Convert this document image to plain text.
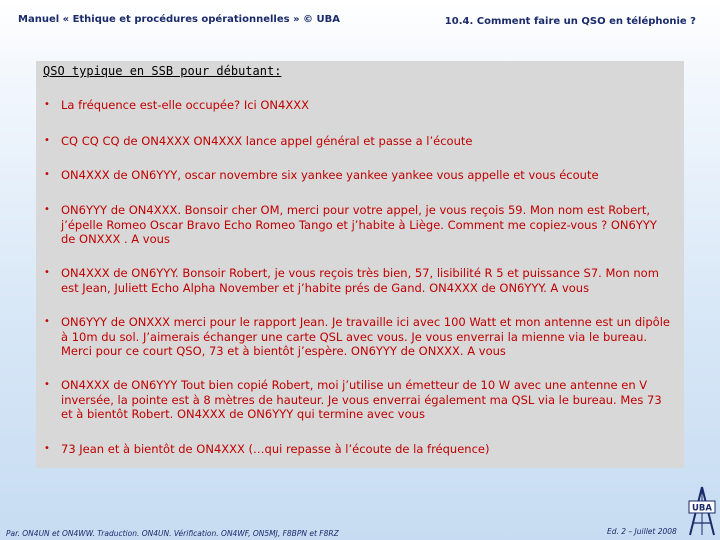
Manuel « Ethique et procédures opérationnelles » © UBA	10.4. Comment faire un QSO en téléphonie ?
QSO typique en SSB pour débutant:
• La fréquence est-elle occupée? Ici ON4XXX
• CQ CQ CQ de ON4XXX ON4XXX lance appel général et passe a l’écoute
• ON4XXX de ON6YYY, oscar novembre six yankee yankee yankee vous appelle et vous écoute
• ON6YYY de ON4XXX. Bonsoir cher OM, merci pour votre appel, je vous reçois 59. Mon nom est Robert, j’épelle Romeo Oscar Bravo Echo Romeo Tango et j’habite à Liège. Comment me copiez-vous ? ON6YYY de ONXXX . A vous
• ON4XXX de ON6YYY. Bonsoir Robert, je vous reçois très bien, 57, lisibilité R 5 et puissance S7. Mon nom est Jean, Juliett Echo Alpha November et j’habite prés de Gand. ON4XXX de ON6YYY. A vous
• ON6YYY de ONXXX merci pour le rapport Jean. Je travaille ici avec 100 Watt et mon antenne est un dipôle à 10m du sol. J’aimerais échanger une carte QSL avec vous. Je vous enverrai la mienne via le bureau. Merci pour ce court QSO, 73 et à bientôt j’espère. ON6YYY de ONXXX. A vous
• ON4XXX de ON6YYY Tout bien copié Robert, moi j’utilise un émetteur de 10 W avec une antenne en V inversée, la pointe est à 8 mètres de hauteur. Je vous enverrai également ma QSL via le bureau. Mes 73 et à bientôt Robert. ON4XXX de ON6YYY qui termine avec vous
• 73 Jean et à bientôt de ON4XXX (…qui repasse à l’écoute de la fréquence)
Par. ON4UN et ON4WW. Traduction. ON4UN. Vérification. ON4WF, ON5MJ, F8BPN et F8RZ	Ed. 2 – Juillet 2008
UBA
